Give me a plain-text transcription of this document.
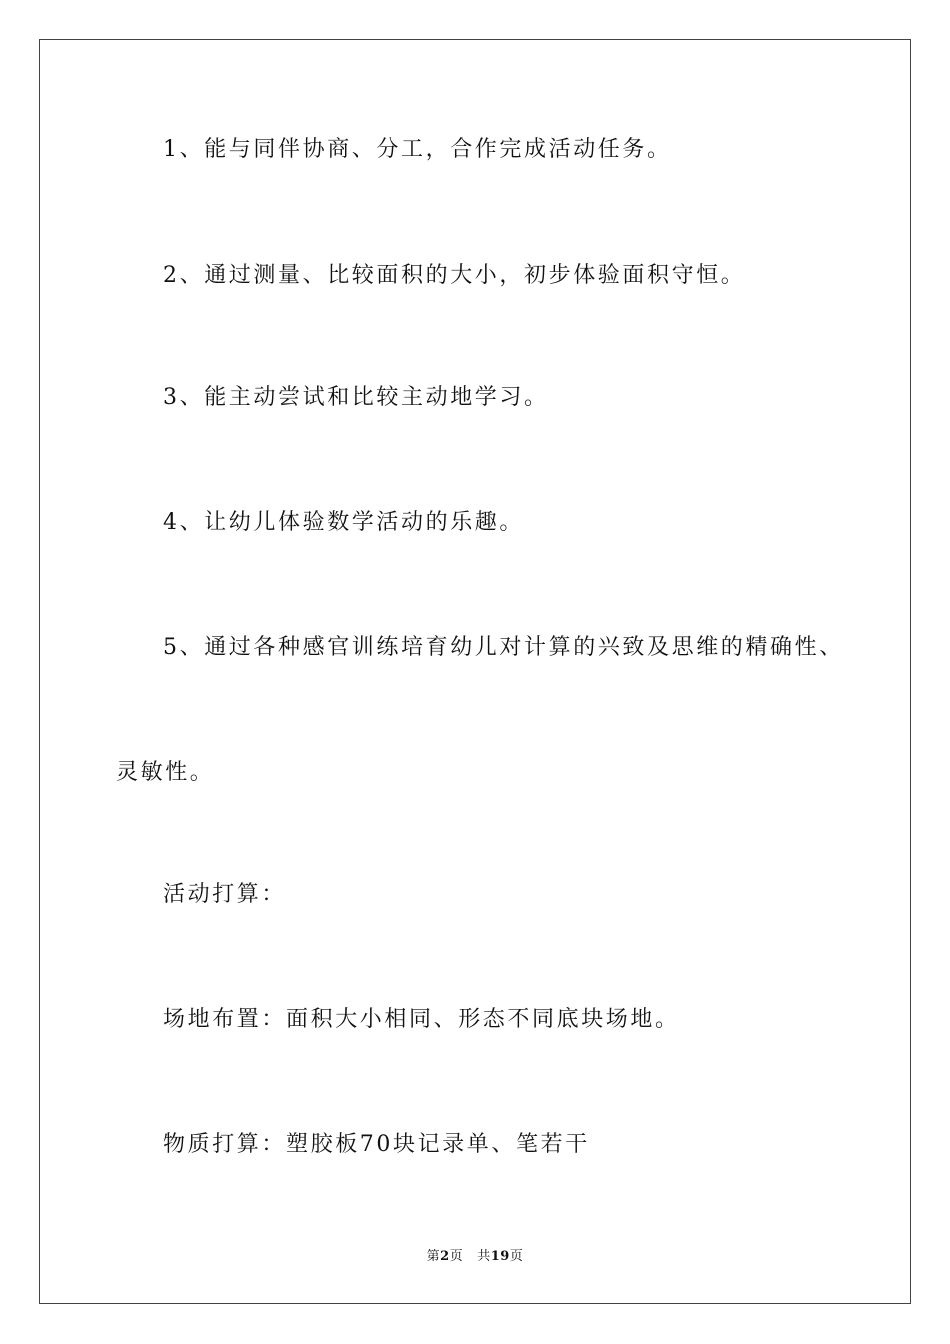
1、能与同伴协商、分工，合作完成活动任务。
2、通过测量、比较面积的大小，初步体验面积守恒。
3、能主动尝试和比较主动地学习。
4、让幼儿体验数学活动的乐趣。
5、通过各种感官训练培育幼儿对计算的兴致及思维的精确性、
灵敏性。
活动打算：
场地布置：面积大小相同、形态不同底块场地。
物质打算：塑胶板70块记录单、笔若干
第2页 共19页
